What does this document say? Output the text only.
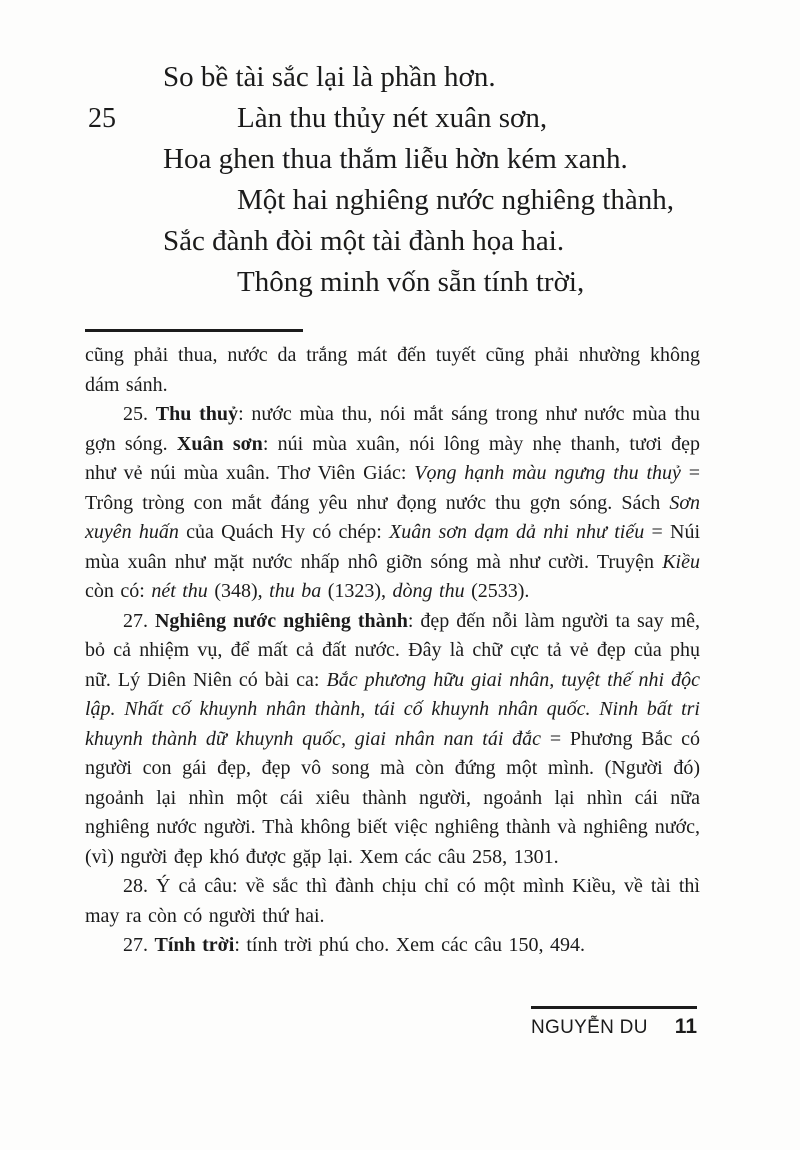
So bề tài sắc lại là phần hơn.
25	Làn thu thủy nét xuân sơn,
Hoa ghen thua thắm liễu hờn kém xanh.
Một hai nghiêng nước nghiêng thành,
Sắc đành đòi một tài đành họa hai.
Thông minh vốn sẵn tính trời,

cũng phải thua, nước da trắng mát đến tuyết cũng phải nhường không dám sánh.

25. Thu thuỷ: nước mùa thu, nói mắt sáng trong như nước mùa thu gợn sóng. Xuân sơn: núi mùa xuân, nói lông mày nhẹ thanh, tươi đẹp như vẻ núi mùa xuân. Thơ Viên Giác: Vọng hạnh màu ngưng thu thuỷ = Trông tròng con mắt đáng yêu như đọng nước thu gợn sóng. Sách Sơn xuyên huấn của Quách Hy có chép: Xuân sơn dạm dả nhi như tiếu = Núi mùa xuân như mặt nước nhấp nhô giỡn sóng mà như cười. Truyện Kiều còn có: nét thu (348), thu ba (1323), dòng thu (2533).

27. Nghiêng nước nghiêng thành: đẹp đến nỗi làm người ta say mê, bỏ cả nhiệm vụ, để mất cả đất nước. Đây là chữ cực tả vẻ đẹp của phụ nữ. Lý Diên Niên có bài ca: Bắc phương hữu giai nhân, tuyệt thế nhi độc lập. Nhất cố khuynh nhân thành, tái cố khuynh nhân quốc. Ninh bất tri khuynh thành dữ khuynh quốc, giai nhân nan tái đắc = Phương Bắc có người con gái đẹp, đẹp vô song mà còn đứng một mình. (Người đó) ngoảnh lại nhìn một cái xiêu thành người, ngoảnh lại nhìn cái nữa nghiêng nước người. Thà không biết việc nghiêng thành và nghiêng nước, (vì) người đẹp khó được gặp lại. Xem các câu 258, 1301.

28. Ý cả câu: về sắc thì đành chịu chỉ có một mình Kiều, về tài thì may ra còn có người thứ hai.

27. Tính trời: tính trời phú cho. Xem các câu 150, 494.

NGUYỄN DU 11
